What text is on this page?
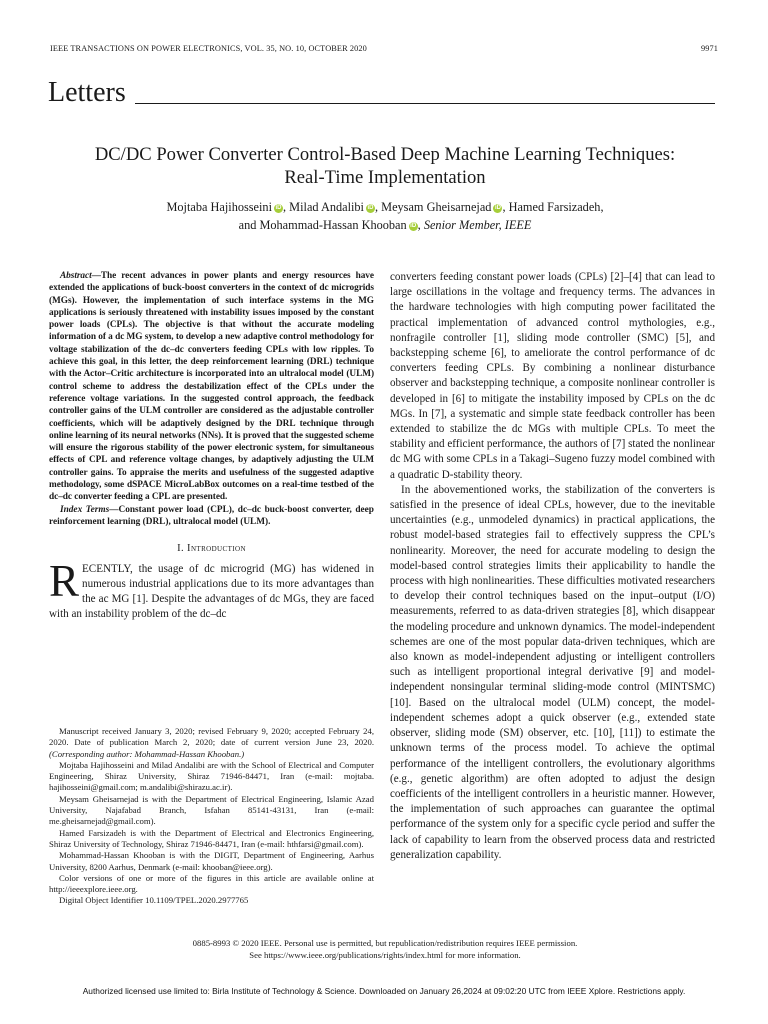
IEEE TRANSACTIONS ON POWER ELECTRONICS, VOL. 35, NO. 10, OCTOBER 2020	9971
Letters
DC/DC Power Converter Control-Based Deep Machine Learning Techniques:
Real-Time Implementation
Mojtaba Hajihosseini iD , Milad Andalibi iD , Meysam Gheisarnejad iD , Hamed Farsizadeh,
and Mohammad-Hassan Khooban iD , Senior Member, IEEE

Abstract—The recent advances in power plants and energy resources have extended the applications of buck-boost converters in the context of dc microgrids (MGs). However, the implementation of such interface systems in the MG applications is seriously threatened with instability issues imposed by the constant power loads (CPLs). The objective is that without the accurate modeling information of a dc MG system, to develop a new adaptive control methodology for voltage stabilization of the dc–dc converters feeding CPLs with low ripples. To achieve this goal, in this letter, the deep reinforcement learning (DRL) technique with the Actor–Critic architecture is incorporated into an ultralocal model (ULM) control scheme to address the destabilization effect of the CPLs under the reference voltage variations. In the suggested control approach, the feedback controller gains of the ULM controller are considered as the adjustable controller coefficients, which will be adaptively designed by the DRL technique through online learning of its neural networks (NNs). It is proved that the suggested scheme will ensure the rigorous stability of the power electronic system, for simultaneous effects of CPL and reference voltage changes, by adaptively adjusting the ULM controller gains. To appraise the merits and usefulness of the suggested adaptive methodology, some dSPACE MicroLabBox outcomes on a real-time testbed of the dc–dc converter feeding a CPL are presented.

Index Terms—Constant power load (CPL), dc–dc buck-boost converter, deep reinforcement learning (DRL), ultralocal model (ULM).

I. Introduction

RECENTLY, the usage of dc microgrid (MG) has widened in numerous industrial applications due to its more advantages than the ac MG [1]. Despite the advantages of dc MGs, they are faced with an instability problem of the dc–dc

Manuscript received January 3, 2020; revised February 9, 2020; accepted February 24, 2020. Date of publication March 2, 2020; date of current version June 23, 2020. (Corresponding author: Mohammad-Hassan Khooban.)

Mojtaba Hajihosseini and Milad Andalibi are with the School of Electrical and Computer Engineering, Shiraz University, Shiraz 71946-84471, Iran (e-mail: mojtaba. hajihosseini@gmail.com; m.andalibi@shirazu.ac.ir).

Meysam Gheisarnejad is with the Department of Electrical Engineering, Islamic Azad University, Najafabad Branch, Isfahan 85141-43131, Iran (e-mail: me.gheisarnejad@gmail.com).

Hamed Farsizadeh is with the Department of Electrical and Electronics Engineering, Shiraz University of Technology, Shiraz 71946-84471, Iran (e-mail: hthfarsi@gmail.com).

Mohammad-Hassan Khooban is with the DIGIT, Department of Engineering, Aarhus University, 8200 Aarhus, Denmark (e-mail: khooban@ieee.org).

Color versions of one or more of the figures in this article are available online at http://ieeexplore.ieee.org.

Digital Object Identifier 10.1109/TPEL.2020.2977765

converters feeding constant power loads (CPLs) [2]–[4] that can lead to large oscillations in the voltage and frequency terms. The advances in the hardware technologies with high computing power facilitated the practical implementation of advanced control mythologies, e.g., nonfragile controller [1], sliding mode controller (SMC) [5], and backstepping scheme [6], to ameliorate the control performance of dc converters feeding CPLs. By combining a nonlinear disturbance observer and backstepping technique, a composite nonlinear controller is developed in [6] to mitigate the instability imposed by CPLs on the dc MGs. In [7], a systematic and simple state feedback controller has been extended to stabilize the dc MGs with multiple CPLs. To meet the stability and efficient performance, the authors of [7] stated the nonlinear dc MG with some CPLs in a Takagi–Sugeno fuzzy model combined with a quadratic D-stability theory.

In the abovementioned works, the stabilization of the converters is satisfied in the presence of ideal CPLs, however, due to the inevitable uncertainties (e.g., unmodeled dynamics) in practical applications, the robust model-based strategies fail to effectively suppress the CPL’s nonlinearity. Moreover, the need for accurate modeling to design the model-based control strategies limits their applicability to handle the process with high nonlinearities. These difficulties motivated researchers to develop their control techniques based on the input–output (I/O) measurements, referred to as data-driven strategies [8], which disappear the modeling procedure and unknown dynamics. The model-independent schemes are one of the most popular data-driven techniques, which are also known as model-independent adjusting or intelligent controllers such as intelligent proportional integral derivative [9] and model-independent nonsingular terminal sliding-mode control (MINTSMC) [10]. Based on the ultralocal model (ULM) concept, the model-independent schemes adopt a quick observer (e.g., extended state observer, sliding mode (SM) observer, etc. [10], [11]) to estimate the unknown terms of the process model. To achieve the optimal performance of the intelligent controllers, the evolutionary algorithms (e.g., genetic algorithm) are often adopted to adjust the design coefficients of the intelligent controllers in a heuristic manner. However, the implementation of such approaches can guarantee the optimal performance of the system only for a specific cycle period and suffer the lack of capability to learn from the observed process data and restricted generalization capability.

0885-8993 © 2020 IEEE. Personal use is permitted, but republication/redistribution requires IEEE permission.
See https://www.ieee.org/publications/rights/index.html for more information.
Authorized licensed use limited to: Birla Institute of Technology & Science. Downloaded on January 26,2024 at 09:02:20 UTC from IEEE Xplore. Restrictions apply.
